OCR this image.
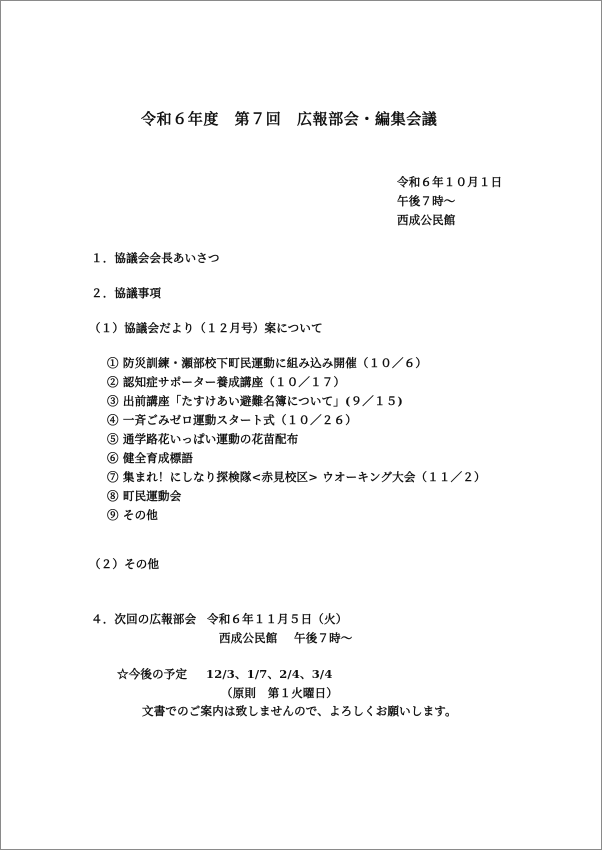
令和６年度　第７回　広報部会・編集会議
令和６年１０月１日
午後７時～
西成公民館
１．協議会会長あいさつ
２．協議事項
（１）協議会だより（１２月号）案について
① 防災訓練・瀬部校下町民運動に組み込み開催（１０／６）
② 認知症サポーター養成講座（１０／１７）
③ 出前講座「たすけあい避難名簿について」(９／１５)
④ 一斉ごみゼロ運動スタート式（１０／２６）
⑤ 通学路花いっぱい運動の花苗配布
⑥ 健全育成標語
⑦ 集まれ！にしなり探検隊<赤見校区> ウオーキング大会（１１／２）
⑧ 町民運動会
⑨ その他
（２）その他
４．次回の広報部会 令和６年１１月５日（火）
西成公民館 午後７時～
☆今後の予定 12/3、1/7、2/4、3/4
（原則　第１火曜日）
文書でのご案内は致しませんので、よろしくお願いします。
